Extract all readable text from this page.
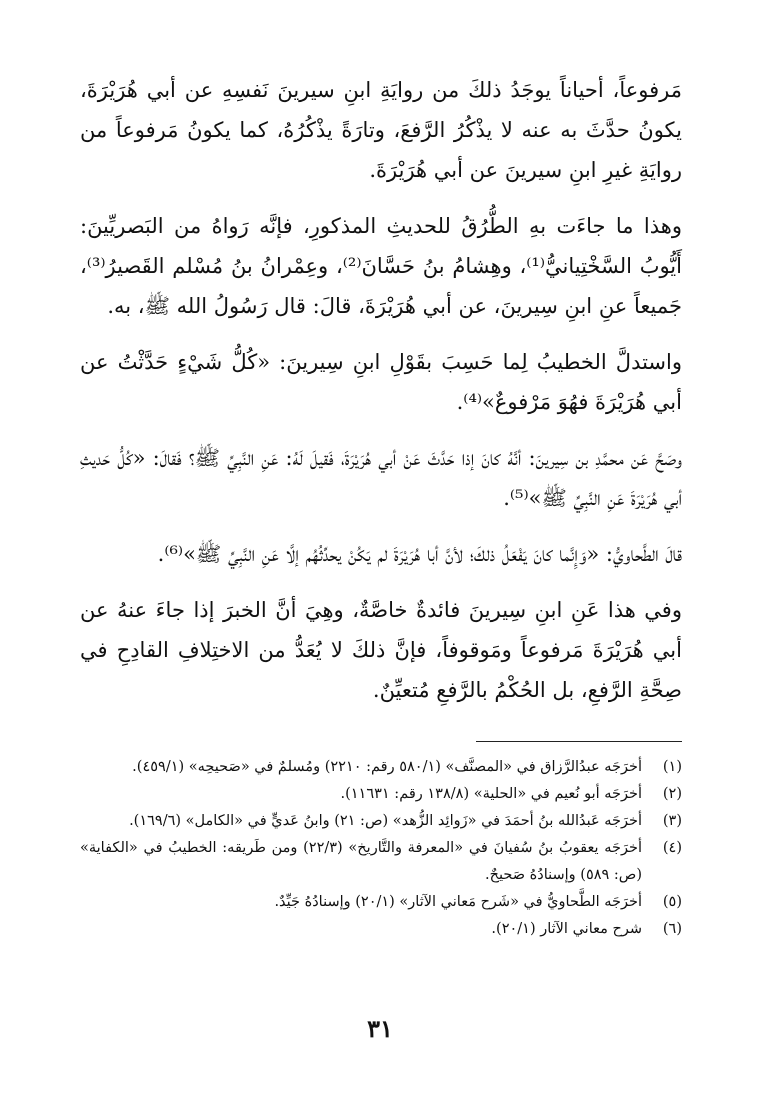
مَرفوعاً، أحياناً يوجَدُ ذلكَ من روايَةِ ابنِ سيرينَ نَفسِهِ عن أبي هُرَيْرَةَ، يكونُ حدَّثَ به عنه لا يذْكُرُ الرَّفعَ، وتارَةً يذْكُرُهُ، كما يكونُ مَرفوعاً من روايَةِ غيرِ ابنِ سيرينَ عن أبي هُرَيْرَةَ.

وهذا ما جاءَت بهِ الطُّرُقُ للحديثِ المذكورِ، فإنَّه رَواهُ من البَصريِّينَ: أَيُّوبُ السَّخْتِيانيُّ⁽¹⁾، وهِشامُ بنُ حَسَّانَ⁽²⁾، وعِمْرانُ بنُ مُسْلم القَصيرُ⁽³⁾، جَميعاً عنِ ابنِ سِيرينَ، عن أبي هُرَيْرَةَ، قالَ: قال رَسُولُ الله ﷺ، به.

واستدلَّ الخطيبُ لِما حَسِبَ بقَوْلِ ابنِ سِيرينَ: «كُلُّ شَيْءٍ حَدَّثْتُ عن أبي هُرَيْرَةَ فهُوَ مَرْفوعٌ»⁽⁴⁾.

وصَحَّ عَن محمَّدِ بن سِيرينَ: أنَّهُ كانَ إذا حَدَّثَ عَنْ أبي هُرَيْرَةَ، فَقيلَ لَهُ: عَنِ النَّبِيِّ ﷺ؟ فَقالَ: «كُلُّ حَديثِ أبي هُرَيْرَةَ عَنِ النَّبِيِّ ﷺ»⁽⁵⁾.

قالَ الطَّحاويُّ: «وَإِنَّما كانَ يَفْعَلُ ذلكَ؛ لأنَّ أبا هُرَيْرَةَ لم يَكُنْ يحدِّثُهُم إلَّا عَنِ النَّبِيِّ ﷺ»⁽⁶⁾.

وفي هذا عَنِ ابنِ سِيرينَ فائدةٌ خاصَّةٌ، وهِيَ أنَّ الخبرَ إذا جاءَ عنهُ عن أبي هُرَيْرَةَ مَرفوعاً ومَوقوفاً، فإنَّ ذلكَ لا يُعَدُّ من الاختِلافِ القادِحِ في صِحَّةِ الرَّفعِ، بل الحُكْمُ بالرَّفعِ مُتعيِّنٌ.

(١)
أخرَجَه عبدُالرَّزاق في «المصنَّف» (٥٨٠/١ رقم: ٢٢١٠) ومُسلمٌ في «صَحيحِه» (٤٥٩/١).
(٢)
أخرَجَه أبو نُعيم في «الحلية» (١٣٨/٨ رقم: ١١٦٣١).
(٣)
أخرَجَه عَبدُالله بنُ أحمَدَ في «زَوائِد الزُّهد» (ص: ٢١) وابنُ عَديٍّ في «الكامل» (١٦٩/٦).
(٤)
أخرَجَه يعقوبُ بنُ سُفيانَ في «المعرفة والتَّاريخ» (٢٢/٣) ومن طَريقه: الخطيبُ في «الكفاية» (ص: ٥٨٩) وإسنادُهُ صَحيحٌ.
(٥)
أخرَجَه الطَّحاويُّ في «شَرح مَعاني الآثار» (٢٠/١) وإسنادُهُ جَيِّدٌ.
(٦)
شرح معاني الآثار (٢٠/١).
٣١
